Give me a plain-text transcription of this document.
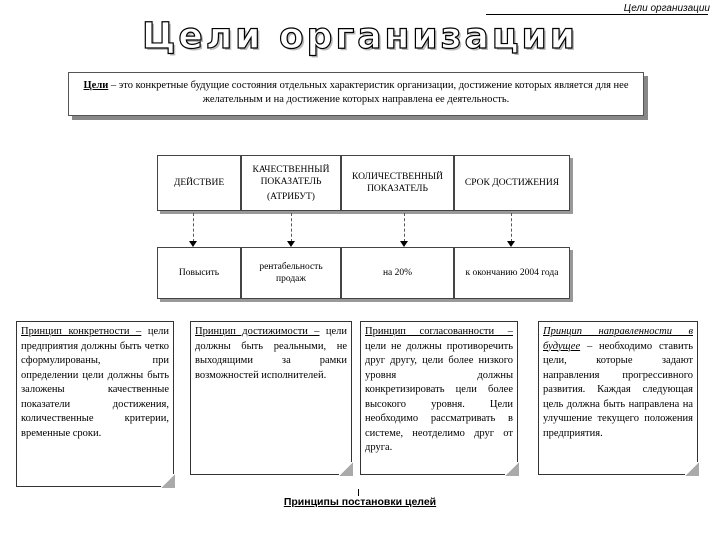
Цели организации
Цели организации
Цели – это конкретные будущие состояния отдельных характеристик организации, достижение которых является для нее желательным и на достижение которых направлена ее деятельность.
ДЕЙСТВИЕ
КАЧЕСТВЕННЫЙ ПОКАЗАТЕЛЬ
(АТРИБУТ)
КОЛИЧЕСТВЕННЫЙ ПОКАЗАТЕЛЬ
СРОК ДОСТИЖЕНИЯ
Повысить
рентабельность продаж
на 20%	к окончанию 2004 года
Принцип конкретности – цели предприятия должны быть четко сформулированы, при определении цели должны быть заложены качественные показатели достижения, количественные критерии, временные сроки.
Принцип достижимости – цели должны быть реальными, не выходящими за рамки возможностей исполнителей.
Принцип согласованности – цели не должны противоречить друг другу, цели более низкого уровня должны конкретизировать цели более высокого уровня. Цели необходимо рассматривать в системе, неотделимо друг от друга.
Принцип направленности в будущее – необходимо ставить цели, которые задают направления прогрессивного развития. Каждая следующая цель должна быть направлена на улучшение текущего положения предприятия.
Принципы постановки целей
